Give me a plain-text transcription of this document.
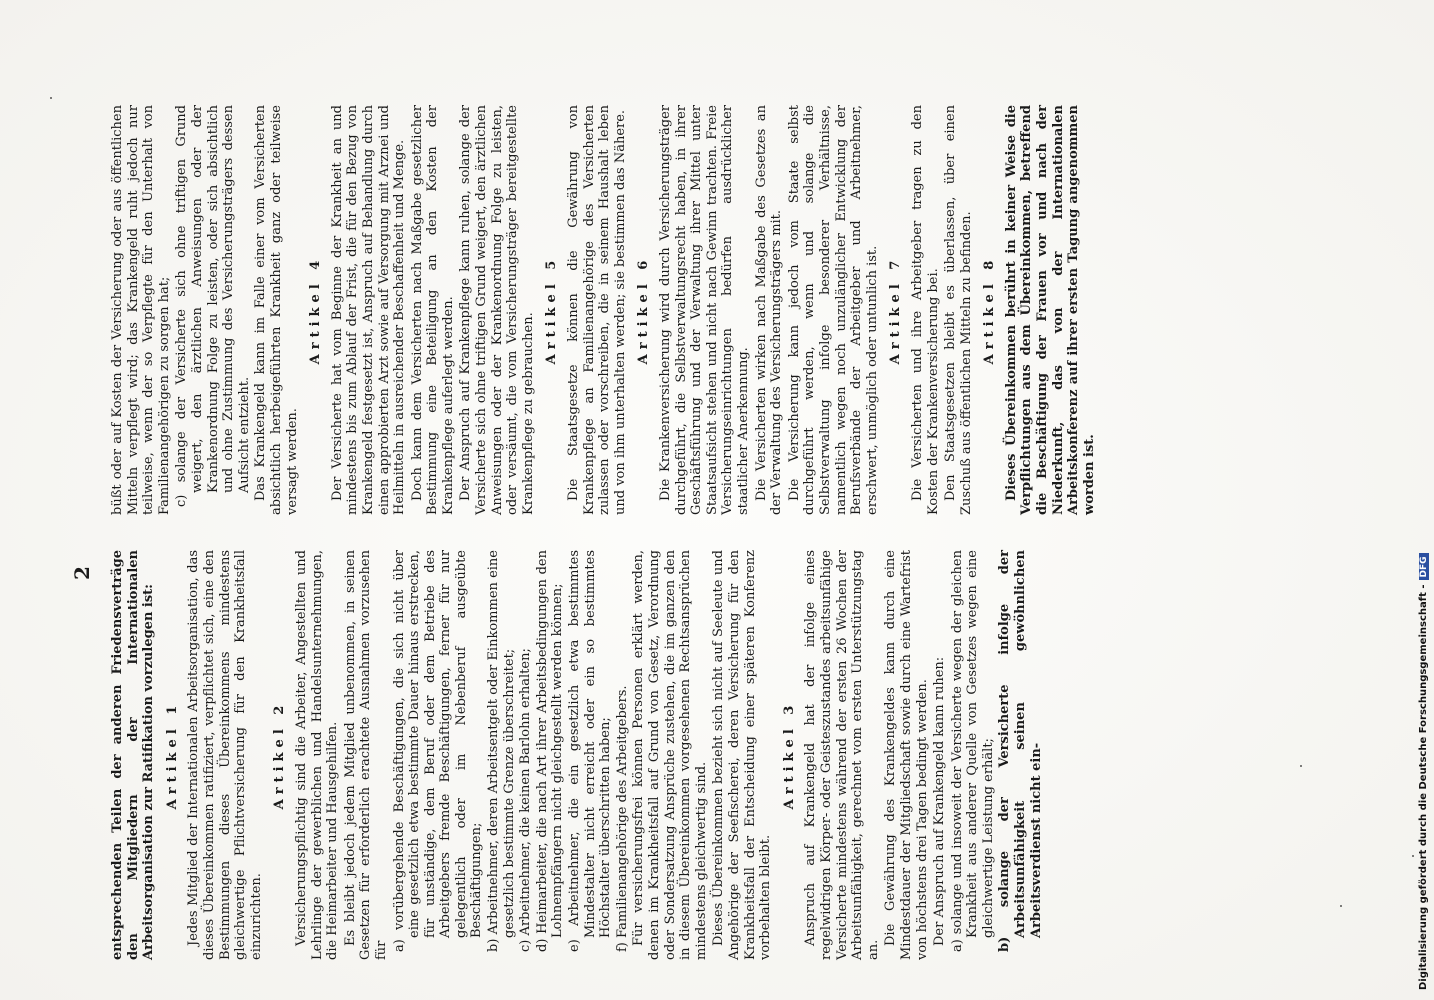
2 entsprechenden Teilen der anderen Friedensverträge den Mitgliedern der Internationalen Arbeitsorganisation zur Ratifikation vorzulegen ist: Artikel 1 Jedes Mitglied der Internationalen Arbeitsorganisation, das dieses Übereinkommen ratifiziert, verpflichtet sich, eine den Bestimmungen dieses Übereinkommens mindestens gleichwertige Pflichtversicherung für den Krankheitsfall einzurichten.

Artikel 2 Versicherungspflichtig sind die Arbeiter, Angestellten und Lehrlinge der gewerblichen und Handelsunternehmungen, die Heimarbeiter und Hausgehilfen. Es bleibt jedoch jedem Mitglied unbenommen, in seinen Gesetzen für erforderlich erachtete Ausnahmen vorzusehen für a) vorübergehende Beschäftigungen, die sich nicht über eine gesetzlich etwa bestimmte Dauer hinaus erstrecken, für unständige, dem Beruf oder dem Betriebe des Arbeitgebers fremde Beschäftigungen, ferner für nur gelegentlich oder im Nebenberuf ausgeübte Beschäftigungen; b) Arbeitnehmer, deren Arbeitsentgelt oder Einkommen eine gesetzlich bestimmte Grenze überschreitet; c) Arbeitnehmer, die keinen Barlohn erhalten; d) Heimarbeiter, die nach Art ihrer Arbeitsbedingungen den Lohnempfängern nicht gleichgestellt werden können; e) Arbeitnehmer, die ein gesetzlich etwa bestimmtes Mindestalter nicht erreicht oder ein so bestimmtes Höchstalter überschritten haben; f) Familienangehörige des Arbeitgebers. Für versicherungsfrei können Personen erklärt werden, denen im Krankheitsfall auf Grund von Gesetz, Verordnung oder Sondersatzung Ansprüche zustehen, die im ganzen den in diesem Übereinkommen vorgesehenen Rechtsansprüchen mindestens gleichwertig sind. Dieses Übereinkommen bezieht sich nicht auf Seeleute und Angehörige der Seefischerei, deren Versicherung für den Krankheitsfall der Entscheidung einer späteren Konferenz vorbehalten bleibt.

Artikel 3 Anspruch auf Krankengeld hat der infolge eines regelwidrigen Körper- oder Geisteszustandes arbeitsunfähige Versicherte mindestens während der ersten 26 Wochen der Arbeitsunfähigkeit, gerechnet vom ersten Unterstützungstag an.

Die Gewährung des Krankengeldes kann durch eine Mindestdauer der Mitgliedschaft sowie durch eine Wartefrist von höchstens drei Tagen bedingt werden. Der Anspruch auf Krankengeld kann ruhen: a) solange und insoweit der Versicherte wegen der gleichen Krankheit aus anderer Quelle von Gesetzes wegen eine gleichwertige Leistung erhält; b) solange der Versicherte infolge der Arbeitsunfähigkeit seinen gewöhnlichen Arbeitsverdienst nicht ein-

büßt oder auf Kosten der Versicherung oder aus öffentlichen Mitteln verpflegt wird; das Krankengeld ruht jedoch nur teilweise, wenn der so Verpflegte für den Unterhalt von Familienangehörigen zu sorgen hat; c) solange der Versicherte sich ohne triftigen Grund weigert, den ärztlichen Anweisungen oder der Krankenordnung Folge zu leisten, oder sich absichtlich und ohne Zustimmung des Versicherungsträgers dessen Aufsicht entzieht. Das Krankengeld kann im Falle einer vom Versicherten absichtlich herbeigeführten Krankheit ganz oder teilweise versagt werden.

Artikel 4 Der Versicherte hat vom Beginne der Krankheit an und mindestens bis zum Ablauf der Frist, die für den Bezug von Krankengeld festgesetzt ist, Anspruch auf Behandlung durch einen approbierten Arzt sowie auf Versorgung mit Arznei und Heilmitteln in ausreichender Beschaffenheit und Menge. Doch kann dem Versicherten nach Maßgabe gesetzlicher Bestimmung eine Beteiligung an den Kosten der Krankenpflege auferlegt werden. Der Anspruch auf Krankenpflege kann ruhen, solange der Versicherte sich ohne triftigen Grund weigert, den ärztlichen Anweisungen oder der Krankenordnung Folge zu leisten, oder versäumt, die vom Versicherungsträger bereitgestellte Krankenpflege zu gebrauchen.

Artikel 5 Die Staatsgesetze können die Gewährung von Krankenpflege an Familienangehörige des Versicherten zulassen oder vorschreiben, die in seinem Haushalt leben und von ihm unterhalten werden; sie bestimmen das Nähere. Artikel 6 Die Krankenversicherung wird durch Versicherungsträger durchgeführt, die Selbstverwaltungsrecht haben, in ihrer Geschäftsführung und der Verwaltung ihrer Mittel unter Staatsaufsicht stehen und nicht nach Gewinn trachten. Freie Versicherungseinrichtungen bedürfen ausdrücklicher staatlicher Anerkennung. Die Versicherten wirken nach Maßgabe des Gesetzes an der Verwaltung des Versicherungsträgers mit. Die Versicherung kann jedoch vom Staate selbst durchgeführt werden, wenn und solange die Selbstverwaltung infolge besonderer Verhältnisse, namentlich wegen noch unzulänglicher Entwicklung der Berufsverbände der Arbeitgeber und Arbeitnehmer, erschwert, unmöglich oder untunlich ist. Artikel 7 Die Versicherten und ihre Arbeitgeber tragen zu den Kosten der Krankenversicherung bei. Den Staatsgesetzen bleibt es überlassen, über einen Zuschuß aus öffentlichen Mitteln zu befinden. Artikel 8 Dieses Übereinkommen berührt in keiner Weise die Verpflichtungen aus dem Übereinkommen, betreffend die Beschäftigung der Frauen vor und nach der Niederkunft, das von der Internationalen Arbeitskonferenz auf ihrer ersten Tagung angenommen worden ist.

Digitalisierung gefördert durch die Deutsche Forschungsgemeinschaft -DFG
